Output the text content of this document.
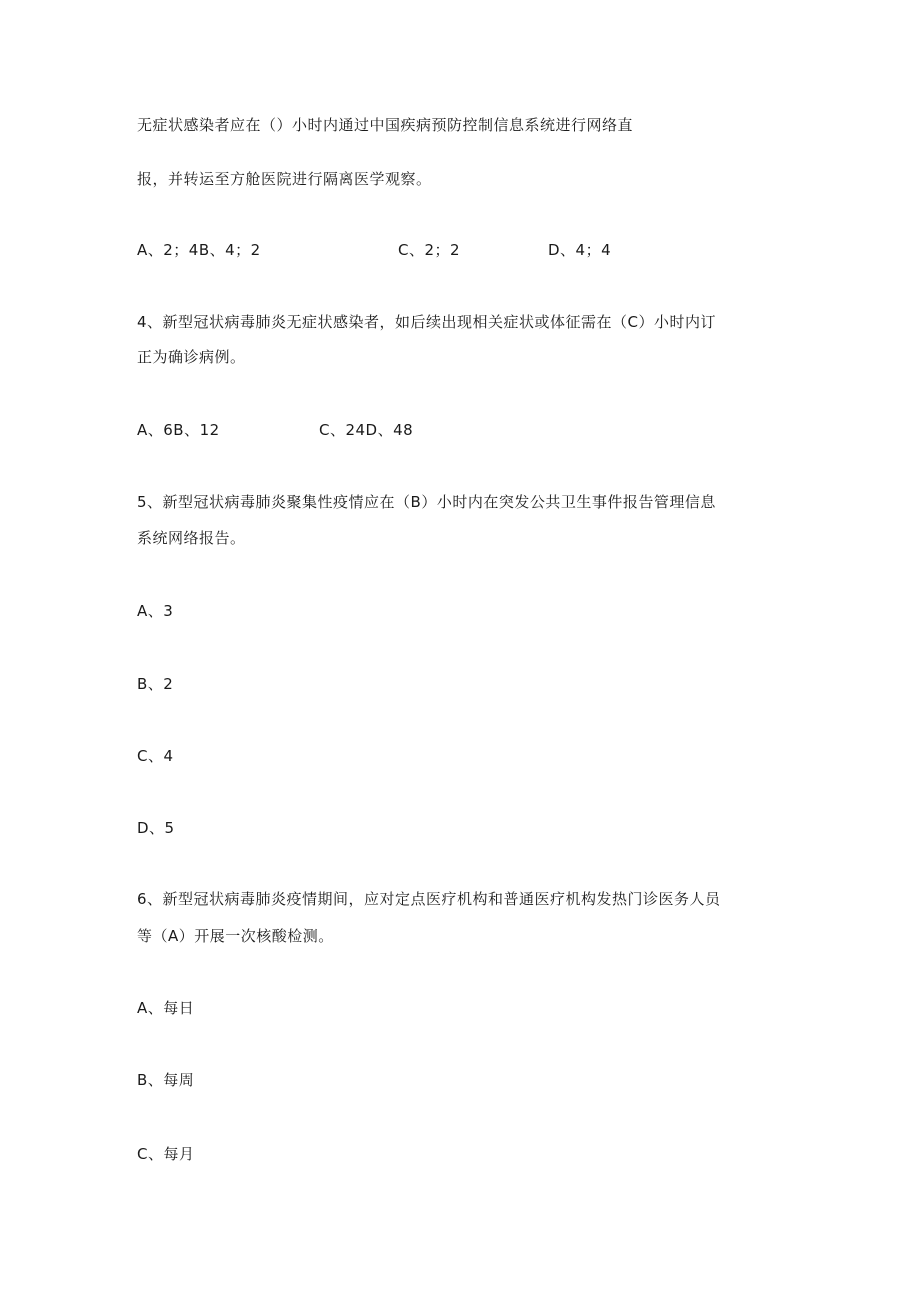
无症状感染者应在（）小时内通过中国疾病预防控制信息系统进行网络直
报，并转运至方舱医院进行隔离医学观察。
A、2；4B、4；2	C、2；2	D、4；4
4、新型冠状病毒肺炎无症状感染者，如后续出现相关症状或体征需在（C）小时内订
正为确诊病例。
A、6B、12	C、24D、48
5、新型冠状病毒肺炎聚集性疫情应在（B）小时内在突发公共卫生事件报告管理信息
系统网络报告。
A、3
B、2
C、4
D、5
6、新型冠状病毒肺炎疫情期间，应对定点医疗机构和普通医疗机构发热门诊医务人员
等（A）开展一次核酸检测。
A、每日
B、每周
C、每月
